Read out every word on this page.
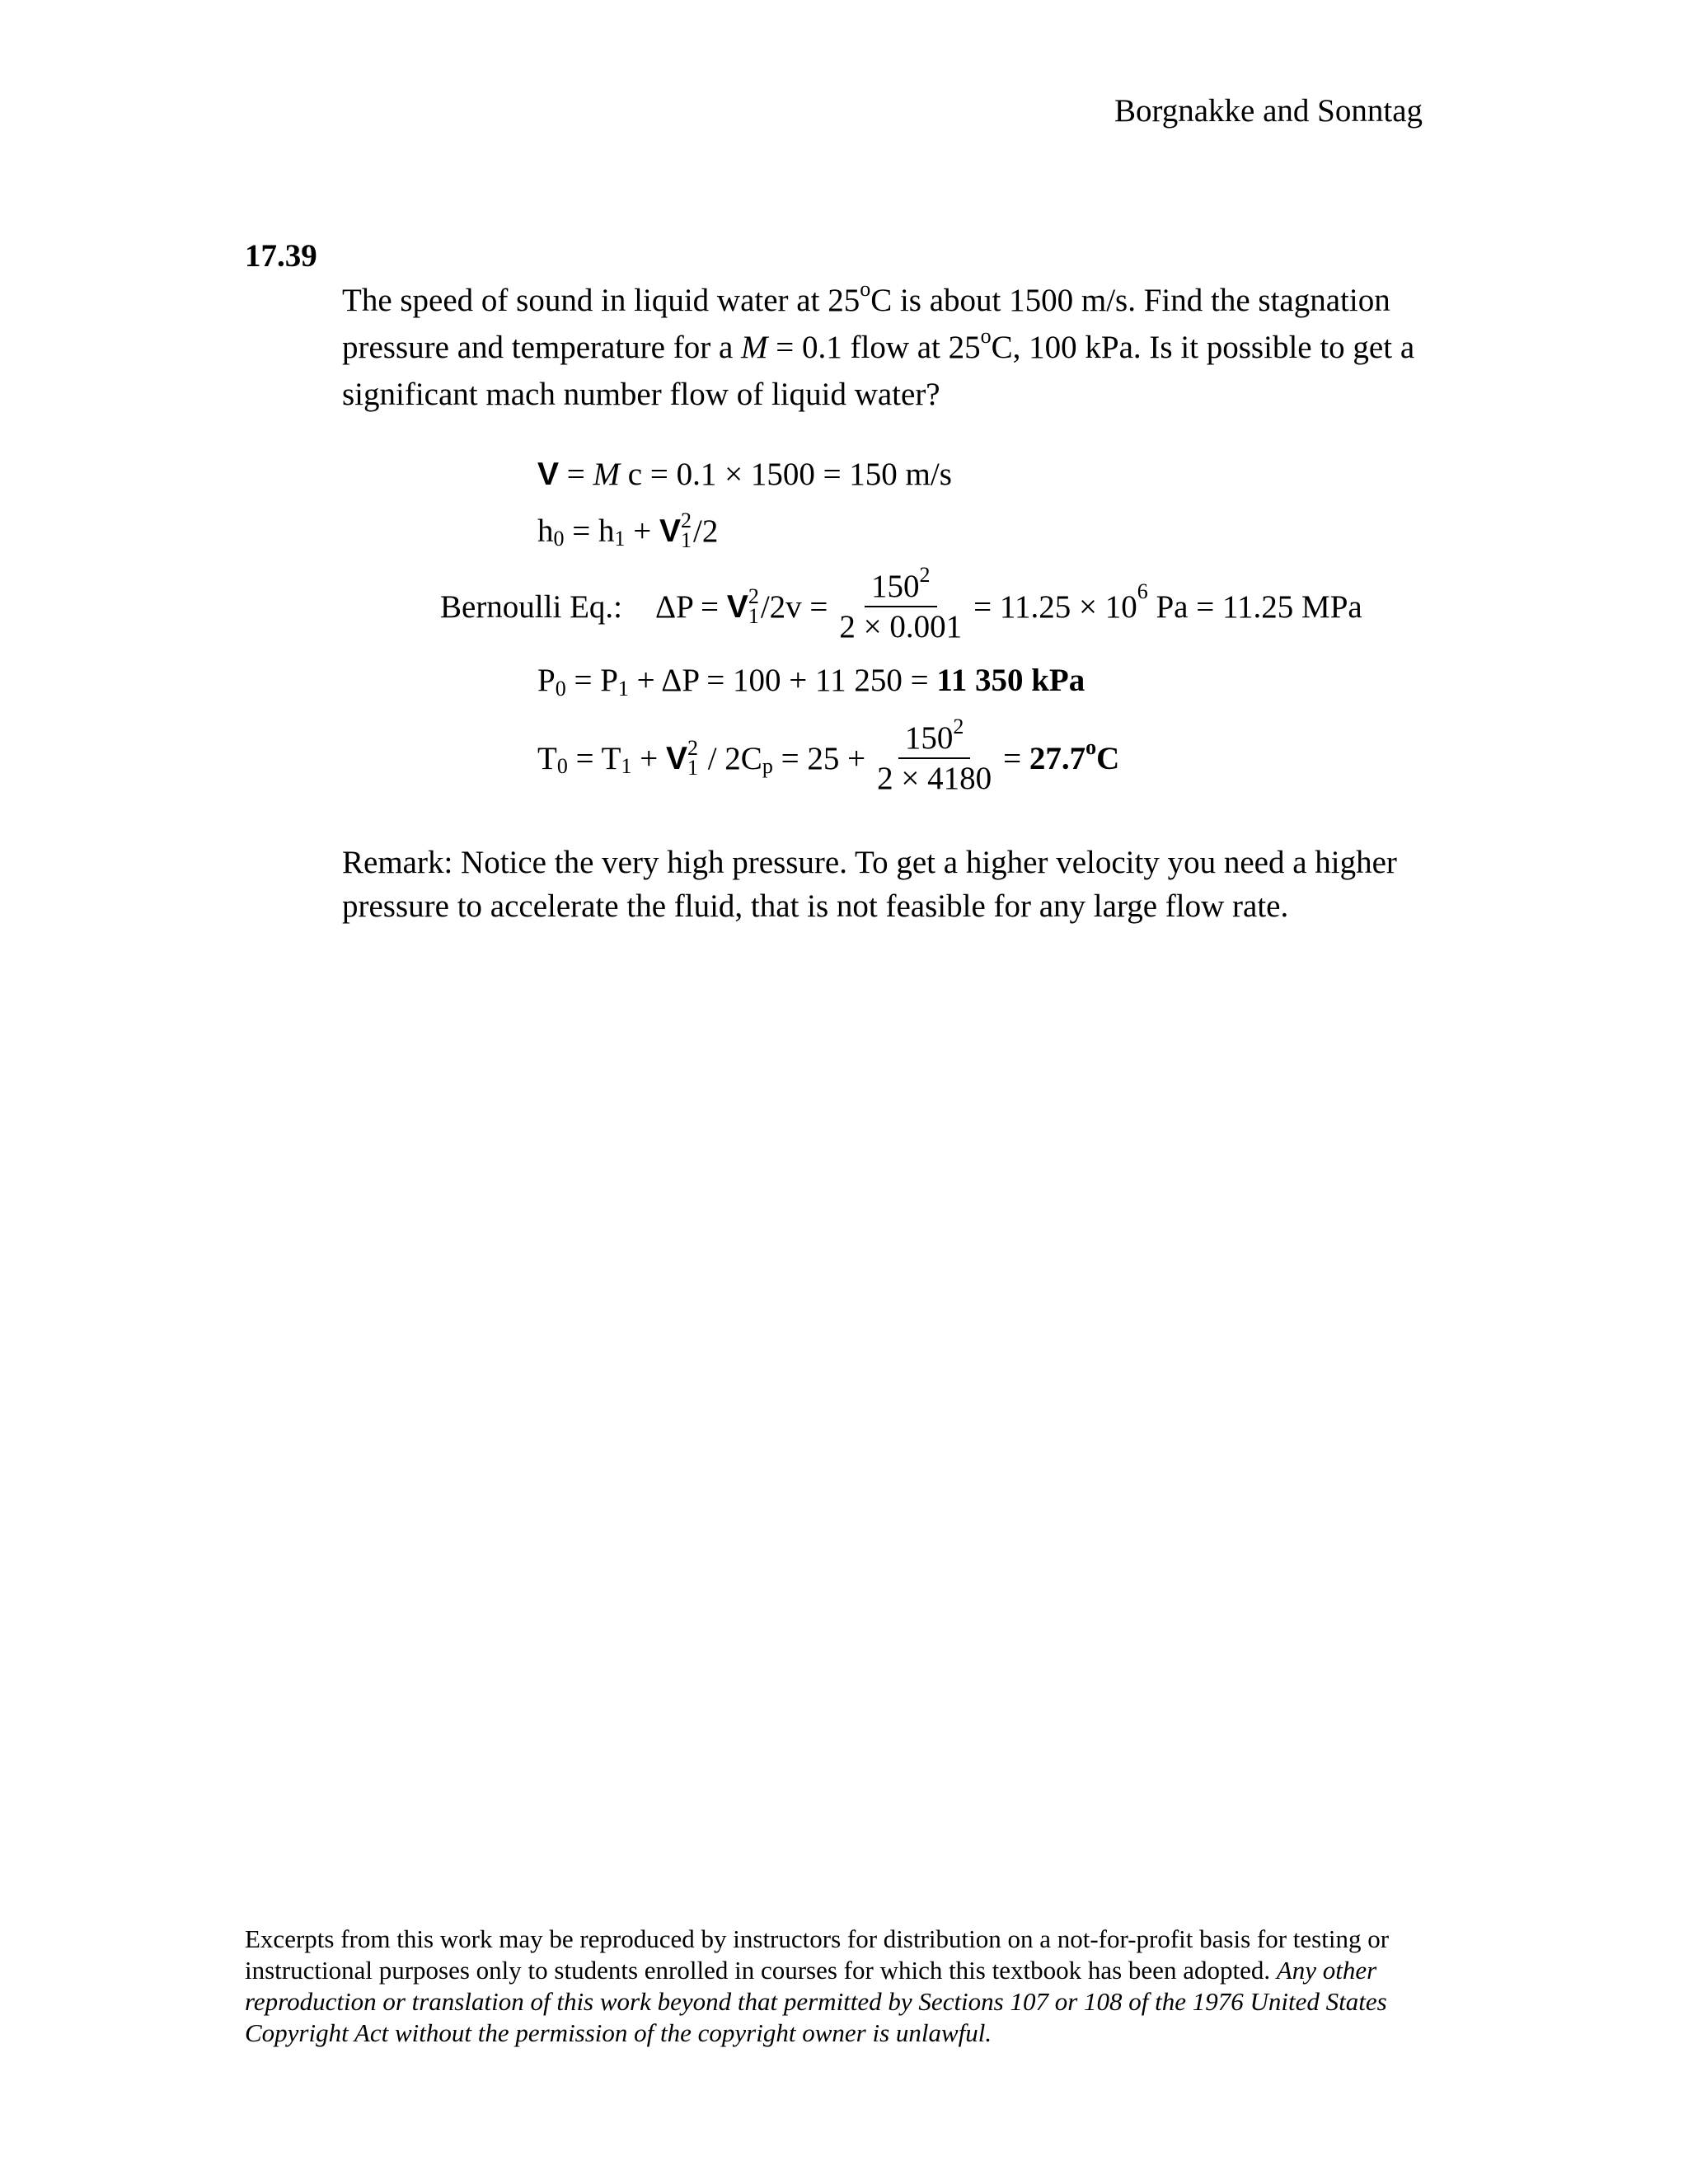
Borgnakke and Sonntag
17.39
The speed of sound in liquid water at 25$^o$C is about 1500 m/s. Find the stagnation pressure and temperature for a M = 0.1 flow at 25$^o$C, 100 kPa. Is it possible to get a significant mach number flow of liquid water?
V = M c = 0.1 × 1500 = 150 m/s
h 0 = h 1 + V 2
1 /2
Bernoulli Eq.: ΔP = V 2
1 $/2v = \frac{150^2}{2 \times 0.001} = 11.25 \times 10$ 6 Pa = 11.25 MPa
P 0 = P 1 + ΔP = 100 + 11 250 = 11 350 kPa
T 0 = T 1 + V 2
1 / 2C $p = 25 + \frac{150^2}{2 \times 4180} = 27.7^oC$
Remark: Notice the very high pressure. To get a higher velocity you need a higher pressure to accelerate the fluid, that is not feasible for any large flow rate.
Excerpts from this work may be reproduced by instructors for distribution on a not-for-profit basis for testing or instructional purposes only to students enrolled in courses for which this textbook has been adopted. Any other reproduction or translation of this work beyond that permitted by Sections 107 or 108 of the 1976 United States Copyright Act without the permission of the copyright owner is unlawful.
